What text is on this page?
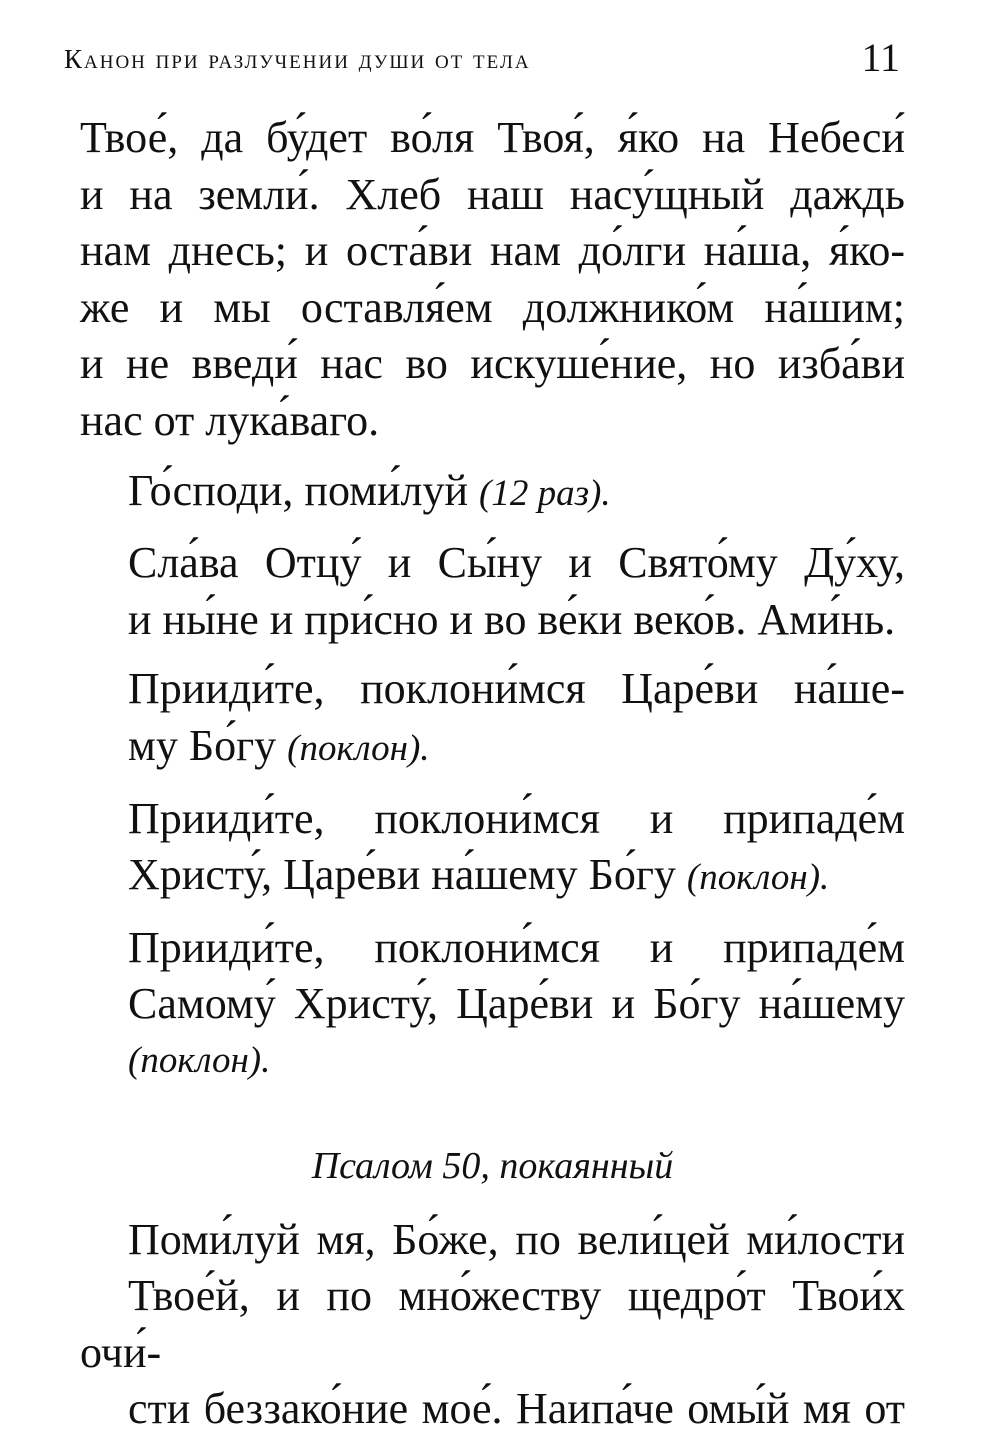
Канон при разлучении души от тела	11
Твое́, да бу́дет во́ля Твоя́, я́ко на Небеси́
и на земли́. Хлеб наш насу́щный даждь
нам днесь; и оста́ви нам до́лги на́ша, я́ко-
же и мы оставля́ем должнико́м на́шим;
и не введи́ нас во искуше́ние, но изба́ви
нас от лука́ваго.
Го́споди, поми́луй (12 раз).
Сла́ва Отцу́ и Сы́ну и Свято́му Ду́ху,
и ны́не и при́сно и во ве́ки веко́в. Ами́нь.
Прииди́те, поклони́мся Царе́ви на́ше-
му Бо́гу (поклон).
Прииди́те, поклони́мся и припаде́м
Христу́, Царе́ви на́шему Бо́гу (поклон).
Прииди́те, поклони́мся и припаде́м
Самому́ Христу́, Царе́ви и Бо́гу на́шему
(поклон).
Псалом 50, покаянный
Поми́луй мя, Бо́же, по вели́цей ми́лости
Твое́й, и по мно́жеству щедро́т Твои́х очи́-
сти беззако́ние мое́. Наипа́че омы́й мя от
